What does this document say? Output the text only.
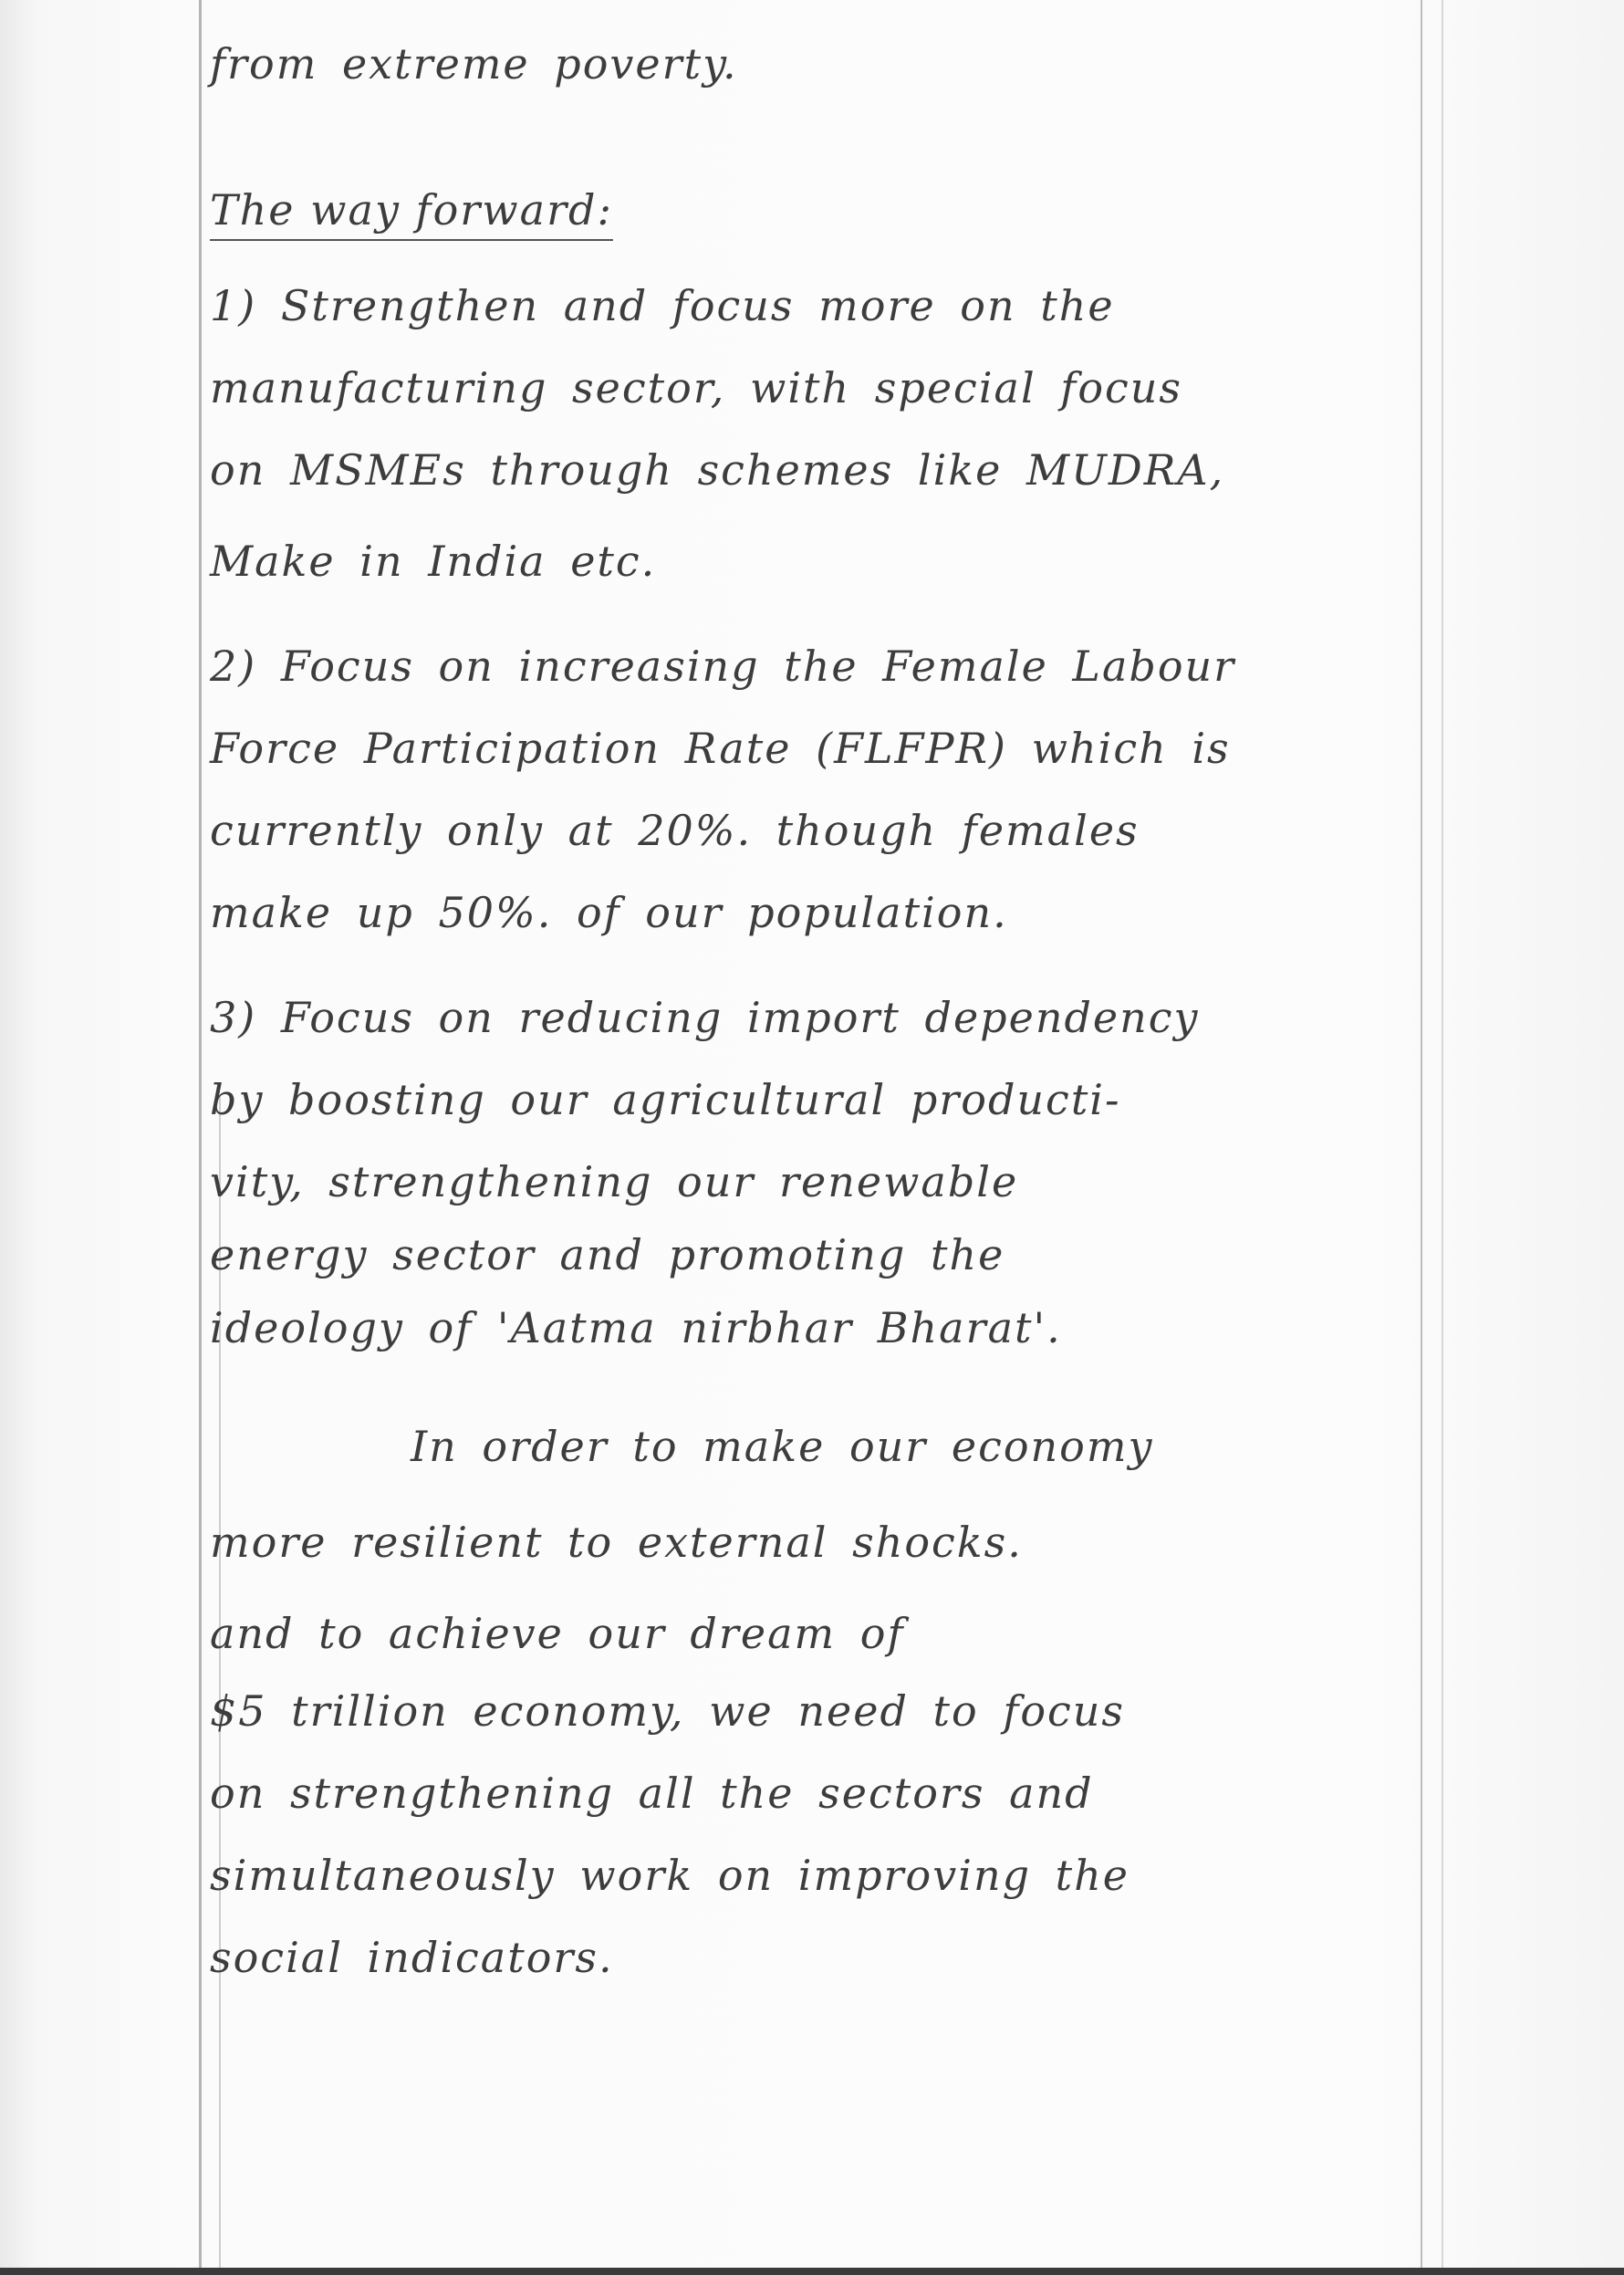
from extreme poverty.
The way forward:
1) Strengthen and focus more on the
manufacturing sector, with special focus
on MSMEs through schemes like MUDRA,
Make in India etc.
2) Focus on increasing the Female Labour
Force Participation Rate (FLFPR) which is
currently only at 20%. though females
make up 50%. of our population.
3) Focus on reducing import dependency
by boosting our agricultural producti-
vity, strengthening our renewable
energy sector and promoting the
ideology of 'Aatma nirbhar Bharat'.
In order to make our economy
more resilient to external shocks.
and to achieve our dream of
$5 trillion economy, we need to focus
on strengthening all the sectors and
simultaneously work on improving the
social indicators.
